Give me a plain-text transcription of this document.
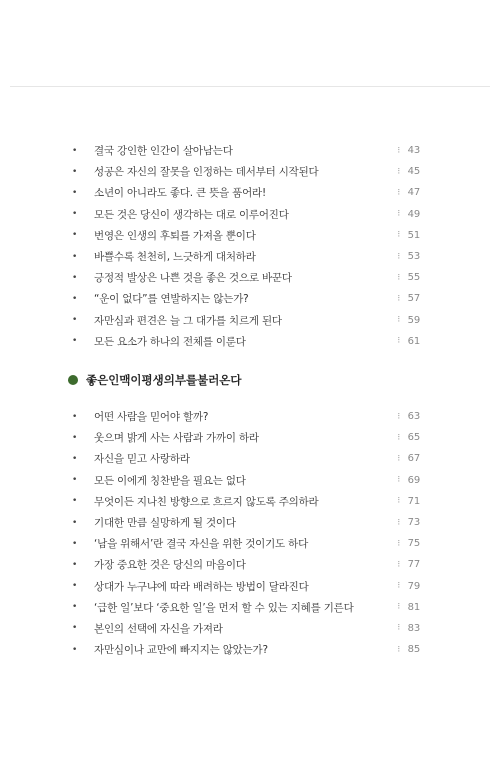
•	결국 강인한 인간이 살아남는다	⁝ 43
•	성공은 자신의 잘못을 인정하는 데서부터 시작된다	⁝ 45
•	소년이 아니라도 좋다. 큰 뜻을 품어라!	⁝ 47
•	모든 것은 당신이 생각하는 대로 이루어진다	⁝ 49
•	번영은 인생의 후퇴를 가져올 뿐이다	⁝ 51
•	바쁠수록 천천히, 느긋하게 대처하라	⁝ 53
•	긍정적 발상은 나쁜 것을 좋은 것으로 바꾼다	⁝ 55
•	“운이 없다”를 연발하지는 않는가?	⁝ 57
•	자만심과 편견은 늘 그 대가를 치르게 된다	⁝ 59
•	모든 요소가 하나의 전체를 이룬다	⁝ 61
좋은인맥이평생의부를불러온다
•	어떤 사람을 믿어야 할까?	⁝ 63
•	웃으며 밝게 사는 사람과 가까이 하라	⁝ 65
•	자신을 믿고 사랑하라	⁝ 67
•	모든 이에게 칭찬받을 필요는 없다	⁝ 69
•	무엇이든 지나친 방향으로 흐르지 않도록 주의하라	⁝ 71
•	기대한 만큼 실망하게 될 것이다	⁝ 73
•	‘남을 위해서’란 결국 자신을 위한 것이기도 하다	⁝ 75
•	가장 중요한 것은 당신의 마음이다	⁝ 77
•	상대가 누구냐에 따라 배려하는 방법이 달라진다	⁝ 79
•	‘급한 일’보다 ‘중요한 일’을 먼저 할 수 있는 지혜를 기른다	⁝ 81
•	본인의 선택에 자신을 가져라	⁝ 83
•	자만심이나 교만에 빠지지는 않았는가?	⁝ 85
